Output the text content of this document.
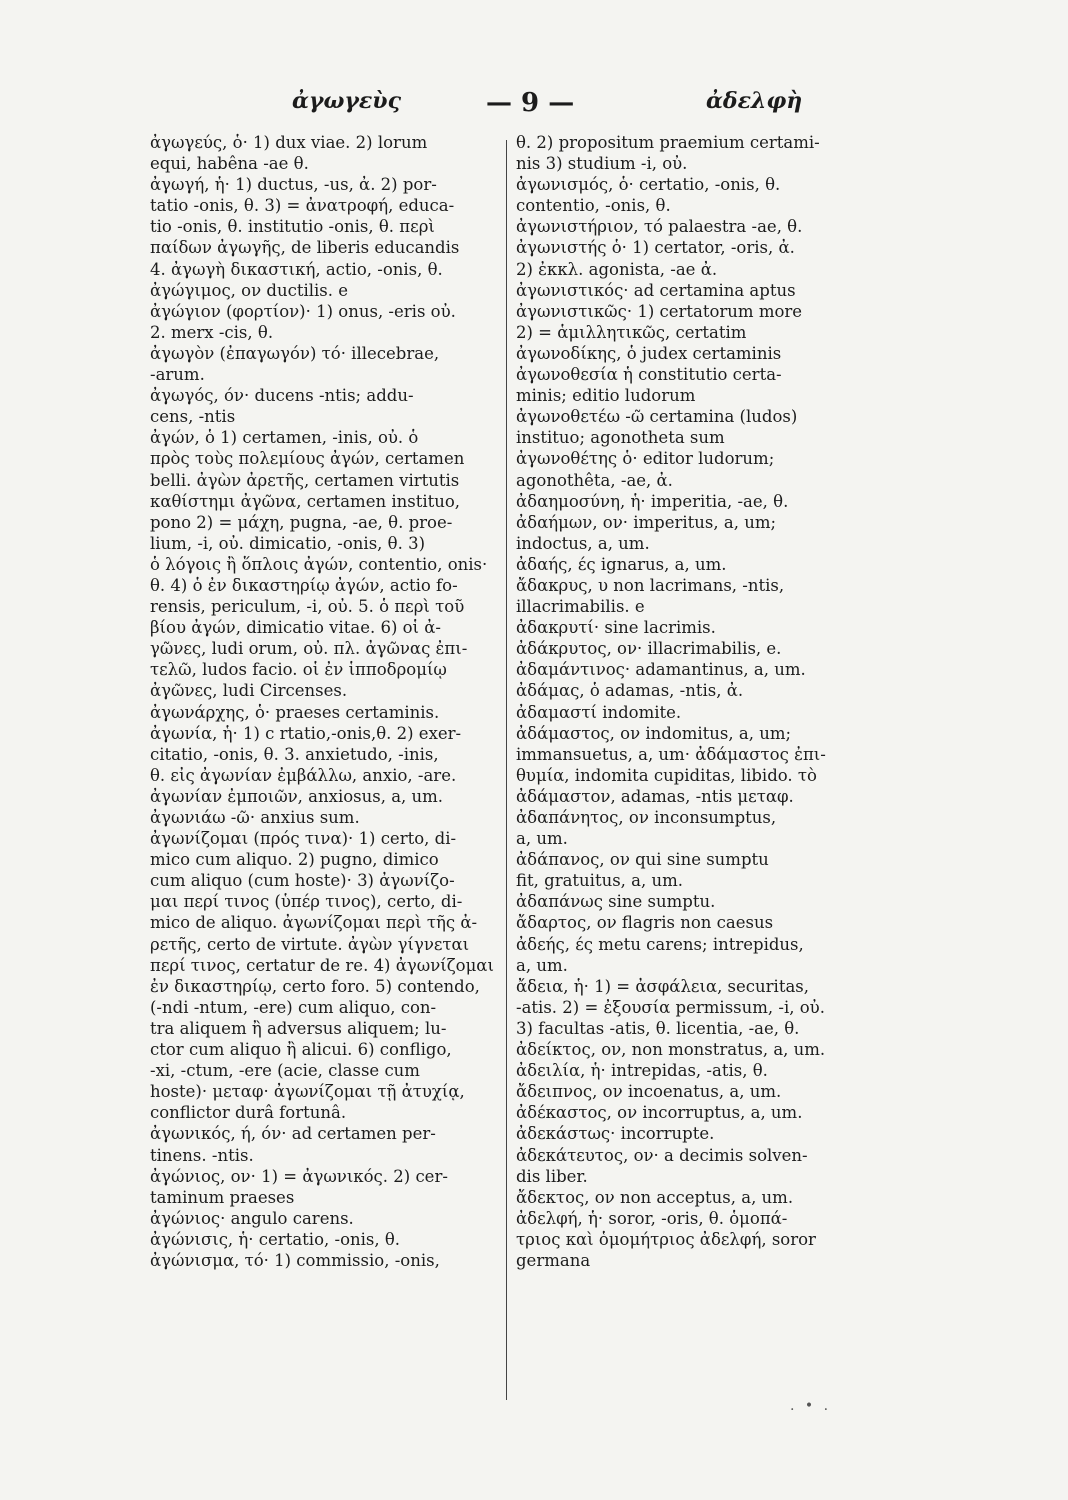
ἀγωγεὺς	— 9 —	ἀδελφὴ
ἀγωγεύς, ὁ· 1) dux viae. 2) lorum
equi, habêna -ae θ.
ἀγωγή, ἡ· 1) ductus, -us, ἀ. 2) por-
tatio -onis, θ. 3) = ἀνατροφή, educa-
tio -onis, θ. institutio -onis, θ. περὶ
παίδων ἀγωγῆς, de liberis educandis
4. ἀγωγὴ δικαστική, actio, -onis, θ.
ἀγώγιμος, ον ductilis. e
ἀγώγιον (φορτίον)· 1) onus, -eris οὐ.
2. merx -cis, θ.
ἀγωγὸν (ἐπαγωγόν) τό· illecebrae,
-arum.
ἀγωγός, όν· ducens -ntis; addu-
cens, -ntis
ἀγών, ὁ 1) certamen, -inis, οὐ. ὁ
πρὸς τοὺς πολεμίους ἀγών, certamen
belli. ἀγὼν ἀρετῆς, certamen virtutis
καθίστημι ἀγῶνα, certamen instituo,
pono 2) = μάχη, pugna, -ae, θ. proe-
lium, -i, οὐ. dimicatio, -onis, θ. 3)
ὁ λόγοις ἢ ὅπλοις ἀγών, contentio, onis·
θ. 4) ὁ ἐν δικαστηρίῳ ἀγών, actio fo-
rensis, periculum, -i, οὐ. 5. ὁ περὶ τοῦ
βίου ἀγών, dimicatio vitae. 6) οἱ ἀ-
γῶνες, ludi orum, οὐ. πλ. ἀγῶνας ἐπι-
τελῶ, ludos facio. οἱ ἐν ἱπποδρομίῳ
ἀγῶνες, ludi Circenses.
ἀγωνάρχης, ὁ· praeses certaminis.
ἀγωνία, ἡ· 1) c rtatio,-onis,θ. 2) exer-
citatio, -onis, θ. 3. anxietudo, -inis,
θ. εἰς ἀγωνίαν ἐμβάλλω, anxio, -are.
ἀγωνίαν ἐμποιῶν, anxiosus, a, um.
ἀγωνιάω -ῶ· anxius sum.
ἀγωνίζομαι (πρός τινα)· 1) certo, di-
mico cum aliquo. 2) pugno, dimico
cum aliquo (cum hoste)· 3) ἀγωνίζο-
μαι περί τινος (ὑπέρ τινος), certo, di-
mico de aliquo. ἀγωνίζομαι περὶ τῆς ἀ-
ρετῆς, certo de virtute. ἀγὼν γίγνεται
περί τινος, certatur de re. 4) ἀγωνίζομαι
ἐν δικαστηρίῳ, certo foro. 5) contendo,
(-ndi -ntum, -ere) cum aliquo, con-
tra aliquem ἢ adversus aliquem; lu-
ctor cum aliquo ἢ alicui. 6) confligo,
-xi, -ctum, -ere (acie, classe cum
hoste)· μεταφ· ἀγωνίζομαι τῇ ἀτυχίᾳ,
conflictor durâ fortunâ.
ἀγωνικός, ή, όν· ad certamen per-
tinens. -ntis.
ἀγώνιος, ον· 1) = ἀγωνικός. 2) cer-
taminum praeses
ἀγώνιος· angulo carens.
ἀγώνισις, ἡ· certatio, -onis, θ.
ἀγώνισμα, τό· 1) commissio, -onis,
θ. 2) propositum praemium certami-
nis 3) studium -i, οὐ.
ἀγωνισμός, ὁ· certatio, -onis, θ.
contentio, -onis, θ.
ἀγωνιστήριον, τό palaestra -ae, θ.
ἀγωνιστής ὁ· 1) certator, -oris, ἀ.
2) ἐκκλ. agonista, -ae ἀ.
ἀγωνιστικός· ad certamina aptus
ἀγωνιστικῶς· 1) certatorum more
2) = ἁμιλλητικῶς, certatim
ἀγωνοδίκης, ὁ judex certaminis
ἀγωνοθεσία ἡ constitutio certa-
minis; editio ludorum
ἀγωνοθετέω -ῶ certamina (ludos)
instituo; agonotheta sum
ἀγωνοθέτης ὁ· editor ludorum;
agonothêta, -ae, ἀ.
ἀδαημοσύνη, ἡ· imperitia, -ae, θ.
ἀδαήμων, ον· imperitus, a, um;
indoctus, a, um.
ἀδαής, ές ignarus, a, um.
ἄδακρυς, υ non lacrimans, -ntis,
illacrimabilis. e
ἀδακρυτί· sine lacrimis.
ἀδάκρυτος, ον· illacrimabilis, e.
ἀδαμάντινος· adamantinus, a, um.
ἀδάμας, ὁ adamas, -ntis, ἀ.
ἀδαμαστί indomite.
ἀδάμαστος, ον indomitus, a, um;
immansuetus, a, um· ἀδάμαστος ἐπι-
θυμία, indomita cupiditas, libido. τὸ
ἀδάμαστον, adamas, -ntis μεταφ.
ἀδαπάνητος, ον inconsumptus,
a, um.
ἀδάπανος, ον qui sine sumptu
fit, gratuitus, a, um.
ἀδαπάνως sine sumptu.
ἄδαρτος, ον flagris non caesus
ἀδεής, ές metu carens; intrepidus,
a, um.
ἄδεια, ἡ· 1) = ἀσφάλεια, securitas,
-atis. 2) = ἐξουσία permissum, -i, οὐ.
3) facultas -atis, θ. licentia, -ae, θ.
ἀδείκτος, ον, non monstratus, a, um.
ἀδειλία, ἡ· intrepidas, -atis, θ.
ἄδειπνος, ον incoenatus, a, um.
ἀδέκαστος, ον incorruptus, a, um.
ἀδεκάστως· incorrupte.
ἀδεκάτευτος, ον· a decimis solven-
dis liber.
ἄδεκτος, ον non acceptus, a, um.
ἀδελφή, ἡ· soror, -oris, θ. ὁμοπά-
τριος καὶ ὁμομήτριος ἀδελφή, soror
germana
. • .
